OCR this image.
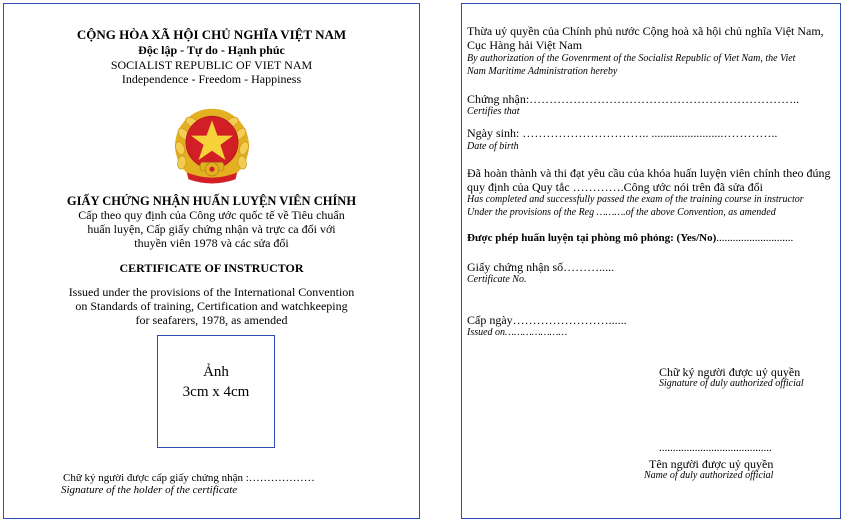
CỘNG HÒA XÃ HỘI CHỦ NGHĨA VIỆT NAM
Độc lập - Tự do - Hạnh phúc
SOCIALIST REPUBLIC OF VIET NAM
Independence - Freedom - Happiness
GIẤY CHỨNG NHẬN HUẤN LUYỆN VIÊN CHÍNH
Cấp theo quy định của Công ước quốc tế về Tiêu chuẩn
huấn luyện, Cấp giấy chứng nhận và trực ca đối với
thuyền viên 1978 và các sửa đổi
CERTIFICATE OF INSTRUCTOR
Issued under the provisions of the International Convention
on Standards of training, Certification and watchkeeping
for seafarers, 1978, as amended
Ảnh
3cm x 4cm
Chữ ký người được cấp giấy chứng nhận :………………
Signature of the holder of the certificate
Thừa uỷ quyền của Chính phủ nước Cộng hoà xã hội chủ nghĩa Việt Nam,
Cục Hàng hải Việt Nam
By authorization of the Govenrment of the Socialist Republic of Viet Nam, the Viet
Nam Maritime Administration hereby
Chứng nhận:…………………………………………………………..
Certifies that
Ngày sinh: ………………………….. ........................…………..
Date of birth
Đã hoàn thành và thi đạt yêu cầu của khóa huấn luyện viên chính theo đúng
quy định của Quy tắc ………….Công ước nói trên đã sửa đổi
Has completed and successfully passed the exam of the training course in instructor
Under the provisions of the Reg ……….of the above Convention, as amended
Được phép huấn luyện tại phòng mô phỏng: (Yes/No)............................
Giấy chứng nhận số……….....
Certificate No.
Cấp ngày……………………......
Issued on…………………
Chữ ký người được uỷ quyền
Signature of duly authorized official
.........................................
Tên người được uỷ quyền
Name of duly authorized official
